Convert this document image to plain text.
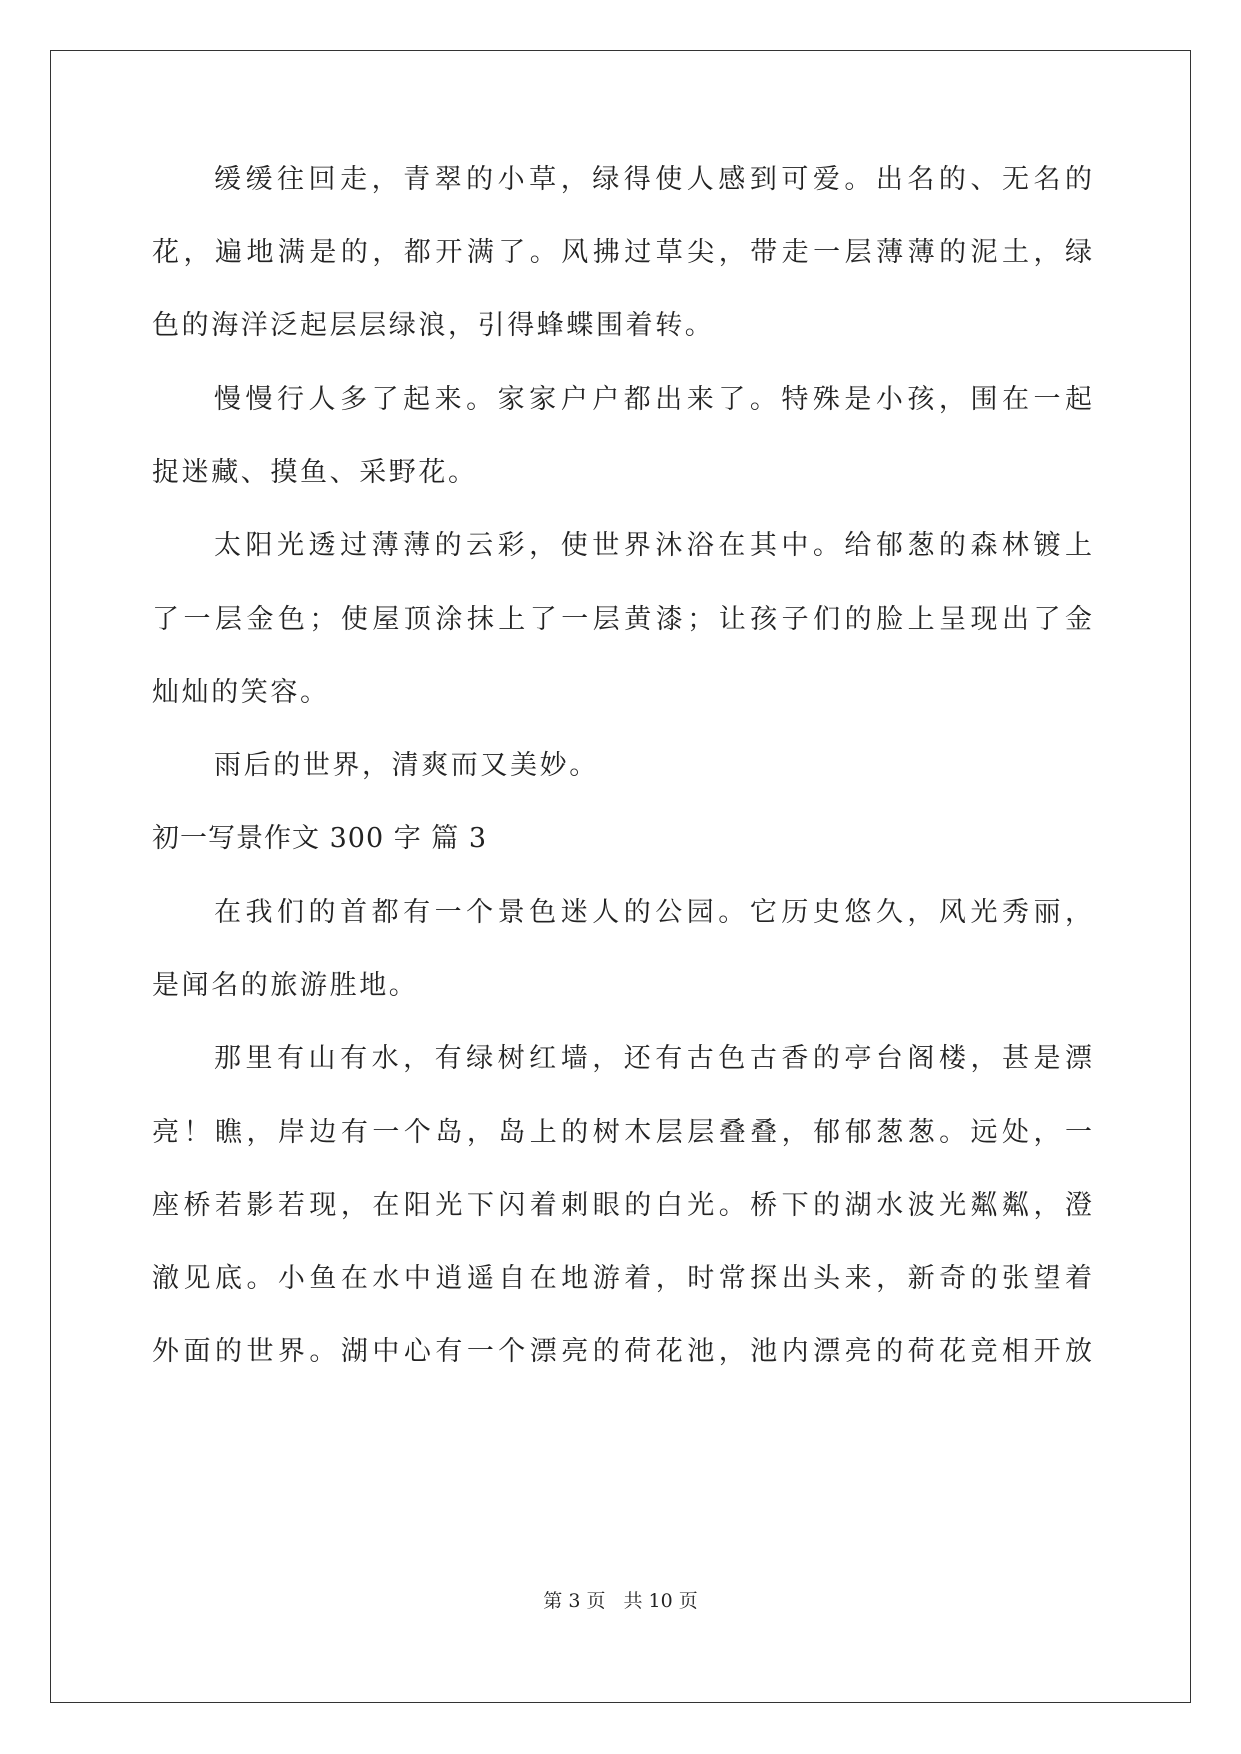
缓缓往回走，青翠的小草，绿得使人感到可爱。出名的、无名的
花，遍地满是的，都开满了。风拂过草尖，带走一层薄薄的泥土，绿
色的海洋泛起层层绿浪，引得蜂蝶围着转。
慢慢行人多了起来。家家户户都出来了。特殊是小孩，围在一起
捉迷藏、摸鱼、采野花。
太阳光透过薄薄的云彩，使世界沐浴在其中。给郁葱的森林镀上
了一层金色；使屋顶涂抹上了一层黄漆；让孩子们的脸上呈现出了金
灿灿的笑容。
雨后的世界，清爽而又美妙。
初一写景作文 300 字 篇 3
在我们的首都有一个景色迷人的公园。它历史悠久，风光秀丽，
是闻名的旅游胜地。
那里有山有水，有绿树红墙，还有古色古香的亭台阁楼，甚是漂
亮！瞧，岸边有一个岛，岛上的树木层层叠叠，郁郁葱葱。远处，一
座桥若影若现，在阳光下闪着刺眼的白光。桥下的湖水波光粼粼，澄
澈见底。小鱼在水中逍遥自在地游着，时常探出头来，新奇的张望着
外面的世界。湖中心有一个漂亮的荷花池，池内漂亮的荷花竞相开放
第 3 页 共 10 页
